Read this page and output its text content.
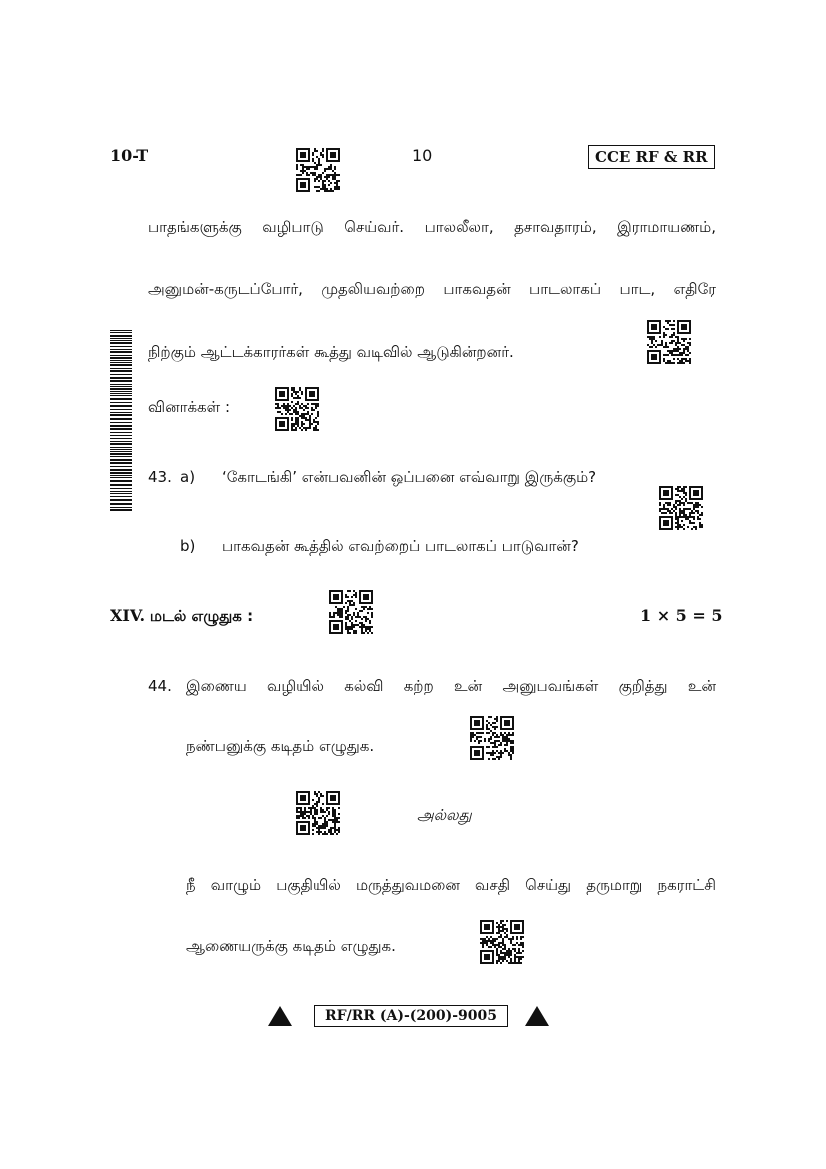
10-T	10	CCE RF & RR
பாதங்களுக்கு வழிபாடு செய்வர். பாலலீலா, தசாவதாரம், இராமாயணம்,
அனுமன்-கருடப்போர், முதலியவற்றை பாகவதன் பாடலாகப் பாட, எதிரே
நிற்கும் ஆட்டக்காரர்கள் கூத்து வடிவில் ஆடுகின்றனர்.
வினாக்கள் :
43. a) ‘கோடங்கி’ என்பவனின் ஒப்பனை எவ்வாறு இருக்கும்?
b) பாகவதன் கூத்தில் எவற்றைப் பாடலாகப் பாடுவான்?
XIV. மடல் எழுதுக :	1 × 5 = 5
44. இணைய வழியில் கல்வி கற்ற உன் அனுபவங்கள் குறித்து உன்
நண்பனுக்கு கடிதம் எழுதுக.
அல்லது
நீ வாழும் பகுதியில் மருத்துவமனை வசதி செய்து தருமாறு நகராட்சி
ஆணையருக்கு கடிதம் எழுதுக.
RF/RR (A)-(200)-9005
